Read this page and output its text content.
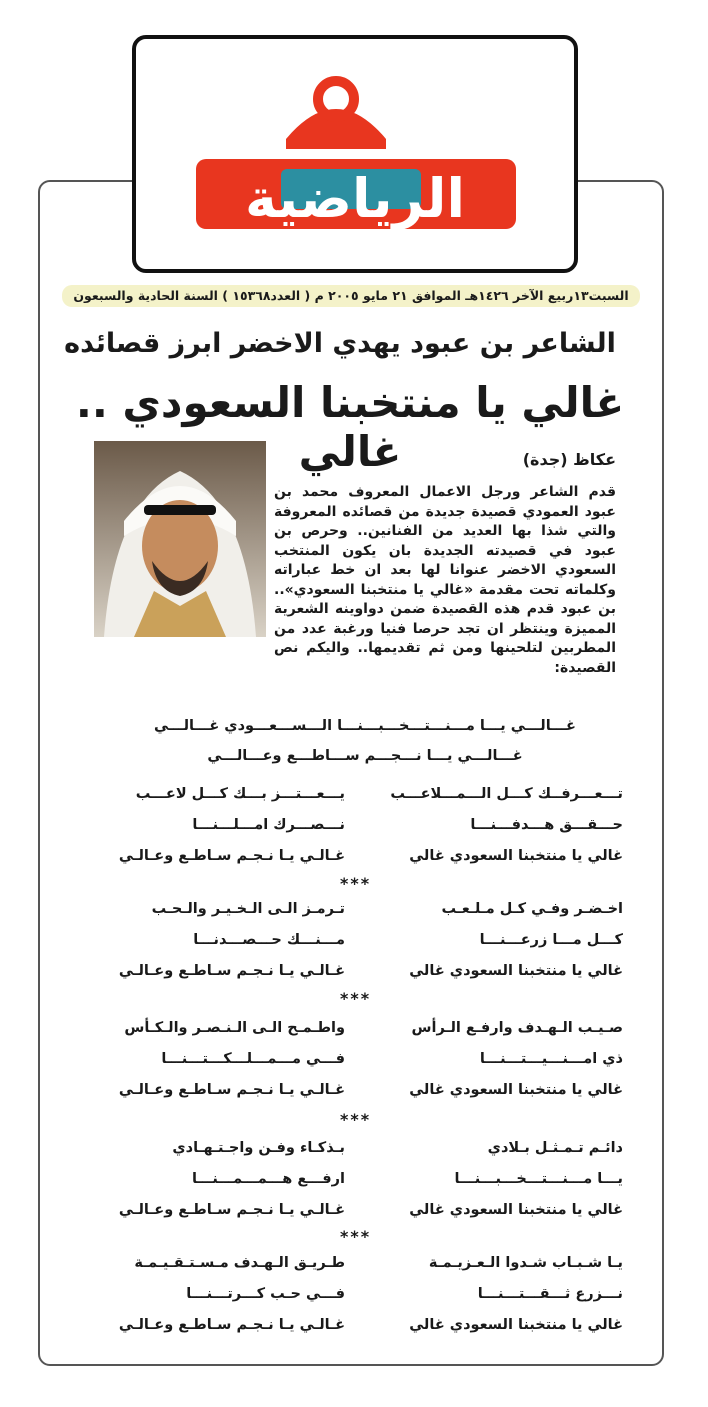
الرياضية
السبت١٣ربيع الآخر ١٤٢٦هـ الموافق ٢١ مايو ٢٠٠٥ م ( العدد١٥٣٦٨ ) السنة الحادية والسبعون
الشاعر بن عبود يهدي الاخضر ابرز قصائده
غالي يا منتخبنا السعودي .. غالي	عكاظ (جدة)
قدم الشاعر ورجل الاعمال المعروف محمد بن عبود العمودي قصيدة جديدة من قصائده المعروفة والتي شذا بها العديد من الفنانين.. وحرص بن عبود في قصيدته الجديدة بان يكون المنتخب السعودي الاخضر عنوانا لها بعد ان خط عباراته وكلماته تحت مقدمة «غالي يا منتخبنا السعودي».. بن عبود قدم هذه القصيدة ضمن دواوينه الشعرية المميزة وينتظر ان تجد حرصا فنيا ورغبة عدد من المطربين لتلحينها ومن ثم تقديمها.. واليكم نص القصيدة:
غـــالـــي يـــا مـــنـــتـــخـــبـــنـــا الـــســـعـــودي غـــالـــي
غـــالـــي يـــا نـــجـــم ســـاطـــع وعـــالـــي
تـــعـــرفــك كـــل الـــمـــلاعـــب
يـــعـــتـــز بـــك كـــل لاعـــب
حـــقـــق هـــدفـــنـــا
نـــصـــرك امـــلـــنـــا
غالي يا منتخبنا السعودي غالي
غـالـي يـا نـجـم سـاطـع وعـالـي
اخـضـر وفـي كـل مـلـعـب
تـرمـز الـى الـخـيـر والـحـب
كـــل مـــا زرعـــنـــا
مـــنـــك حـــصـــدنـــا
غالي يا منتخبنا السعودي غالي
غـالـي يـا نـجـم سـاطـع وعـالـي
صـيـب الـهـدف وارفـع الـرأس
واطـمـح الـى الـنـصـر والـكـأس
ذي امـــنـــيـــتـــنـــا
فـــي مـــمـــلـــكـــتـــنـــا
غالي يا منتخبنا السعودي غالي
غـالـي يـا نـجـم سـاطـع وعـالـي
دائـم تـمـثـل بـلادي
بـذكـاء وفـن واجـتـهـادي
يـــا مـــنـــتـــخـــبـــنـــا
ارفـــع هـــمـــمـــنـــا
غالي يا منتخبنا السعودي غالي
غـالـي يـا نـجـم سـاطـع وعـالـي
يـا شـبـاب شـدوا الـعـزيـمـة
طـريـق الـهـدف مـسـتـقـيـمـة
نـــزرع ثـــقـــتـــنـــا
فـــي حـب كـــرتـــنـــا
غالي يا منتخبنا السعودي غالي
غـالـي يـا نـجـم سـاطـع وعـالـي
***
***
***
***
